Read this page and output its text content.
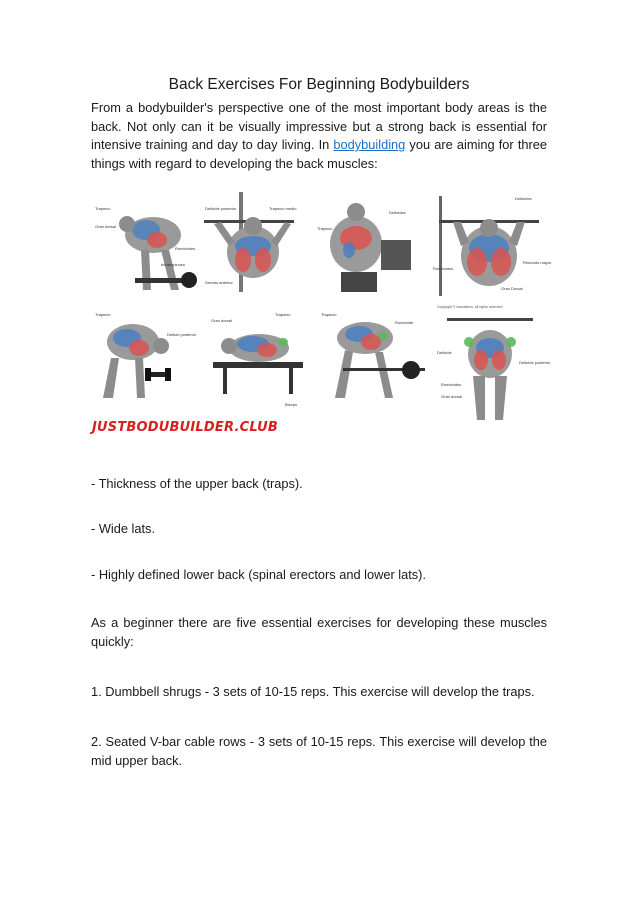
Back Exercises For Beginning Bodybuilders
From a bodybuilder's perspective one of the most important body areas is the back. Not only can it be visually impressive but a strong back is essential for intensive training and day to day living. In bodybuilding you are aiming for three things with regard to developing the back muscles:
Trapecio
Gran dorsal
Romboides
Infraespinoso
Deltoide posterior	Trapecio medio
Serrato anterior
Trapecio
Deltoides
Deltoides
Redondo mayor
Romboides
Gran Dorsal
Trapecio
Deltoid posterior
Gran dorsal
Trapecio
Biceps
Trapecio
Romboide
Copyright © foundation, all rights reserved
Deltoide
Deltoide posterior
Romboides
Gran dorsal
JUSTBODUBUILDER.CLUB
- Thickness of the upper back (traps).
- Wide lats.
- Highly defined lower back (spinal erectors and lower lats).
As a beginner there are five essential exercises for developing these muscles quickly:
1. Dumbbell shrugs - 3 sets of 10-15 reps. This exercise will develop the traps.
2. Seated V-bar cable rows - 3 sets of 10-15 reps. This exercise will develop the mid upper back.
